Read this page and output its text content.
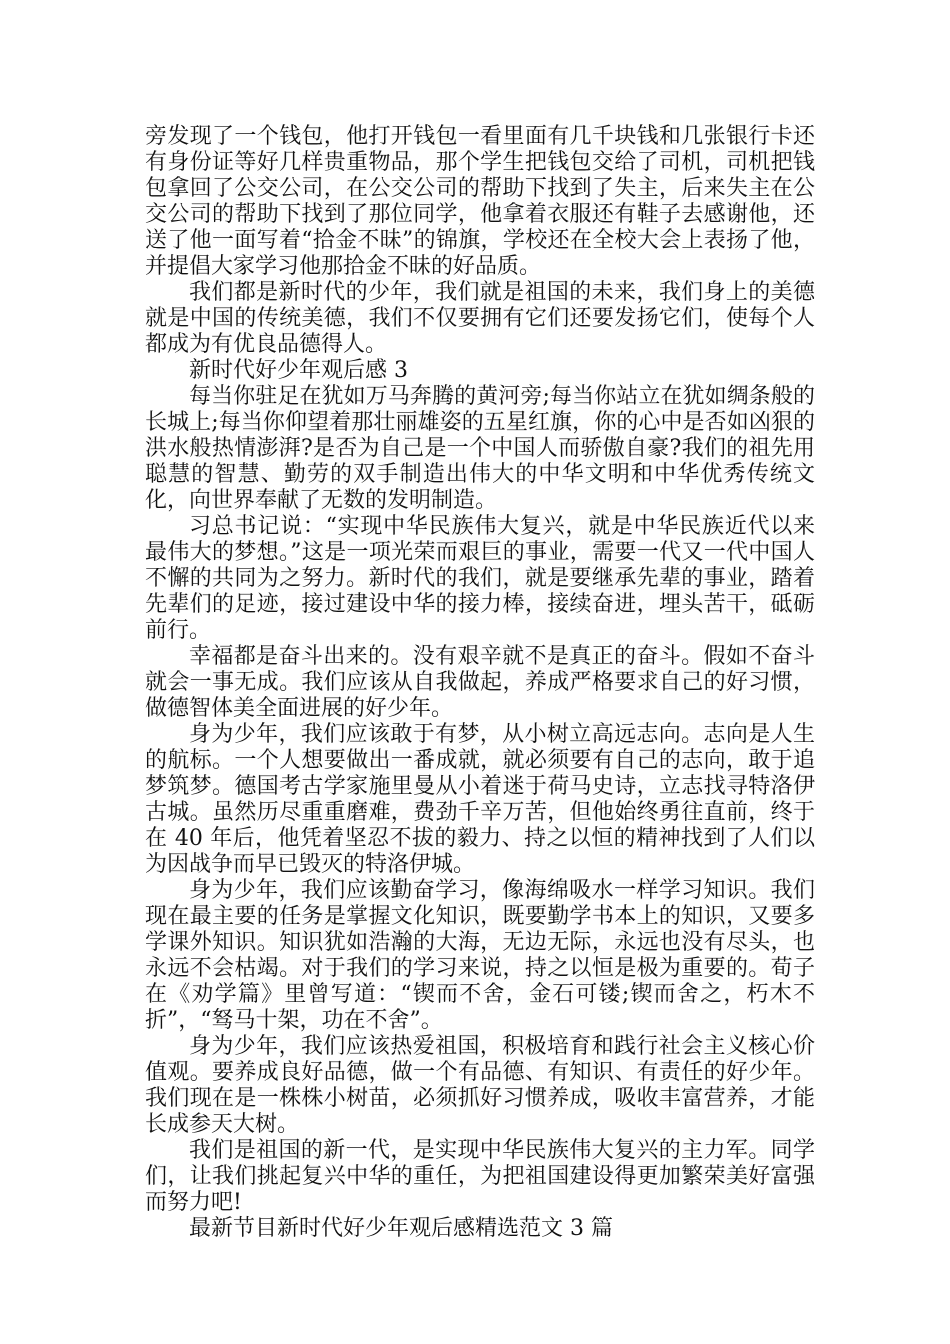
旁发现了一个钱包，他打开钱包一看里面有几千块钱和几张银行卡还有身份证等好几样贵重物品，那个学生把钱包交给了司机，司机把钱包拿回了公交公司，在公交公司的帮助下找到了失主，后来失主在公交公司的帮助下找到了那位同学，他拿着衣服还有鞋子去感谢他，还送了他一面写着“拾金不昧”的锦旗，学校还在全校大会上表扬了他，并提倡大家学习他那拾金不昧的好品质。

我们都是新时代的少年，我们就是祖国的未来，我们身上的美德就是中国的传统美德，我们不仅要拥有它们还要发扬它们，使每个人都成为有优良品德得人。

新时代好少年观后感 3

每当你驻足在犹如万马奔腾的黄河旁;每当你站立在犹如绸条般的长城上;每当你仰望着那壮丽雄姿的五星红旗，你的心中是否如凶狠的洪水般热情澎湃?是否为自己是一个中国人而骄傲自豪?我们的祖先用聪慧的智慧、勤劳的双手制造出伟大的中华文明和中华优秀传统文化，向世界奉献了无数的发明制造。

习总书记说：“实现中华民族伟大复兴，就是中华民族近代以来最伟大的梦想。”这是一项光荣而艰巨的事业，需要一代又一代中国人不懈的共同为之努力。新时代的我们，就是要继承先辈的事业，踏着先辈们的足迹，接过建设中华的接力棒，接续奋进，埋头苦干，砥砺前行。

幸福都是奋斗出来的。没有艰辛就不是真正的奋斗。假如不奋斗就会一事无成。我们应该从自我做起，养成严格要求自己的好习惯，做德智体美全面进展的好少年。

身为少年，我们应该敢于有梦，从小树立高远志向。志向是人生的航标。一个人想要做出一番成就，就必须要有自己的志向，敢于追梦筑梦。德国考古学家施里曼从小着迷于荷马史诗，立志找寻特洛伊古城。虽然历尽重重磨难，费劲千辛万苦，但他始终勇往直前，终于在 40 年后，他凭着坚忍不拔的毅力、持之以恒的精神找到了人们以为因战争而早已毁灭的特洛伊城。

身为少年，我们应该勤奋学习，像海绵吸水一样学习知识。我们现在最主要的任务是掌握文化知识，既要勤学书本上的知识，又要多学课外知识。知识犹如浩瀚的大海，无边无际，永远也没有尽头，也永远不会枯竭。对于我们的学习来说，持之以恒是极为重要的。荀子在《劝学篇》里曾写道：“锲而不舍，金石可镂;锲而舍之，朽木不折”，“驽马十架，功在不舍”。

身为少年，我们应该热爱祖国，积极培育和践行社会主义核心价值观。要养成良好品德，做一个有品德、有知识、有责任的好少年。我们现在是一株株小树苗，必须抓好习惯养成，吸收丰富营养，才能长成参天大树。

我们是祖国的新一代，是实现中华民族伟大复兴的主力军。同学们，让我们挑起复兴中华的重任，为把祖国建设得更加繁荣美好富强而努力吧!

最新节目新时代好少年观后感精选范文 3 篇
